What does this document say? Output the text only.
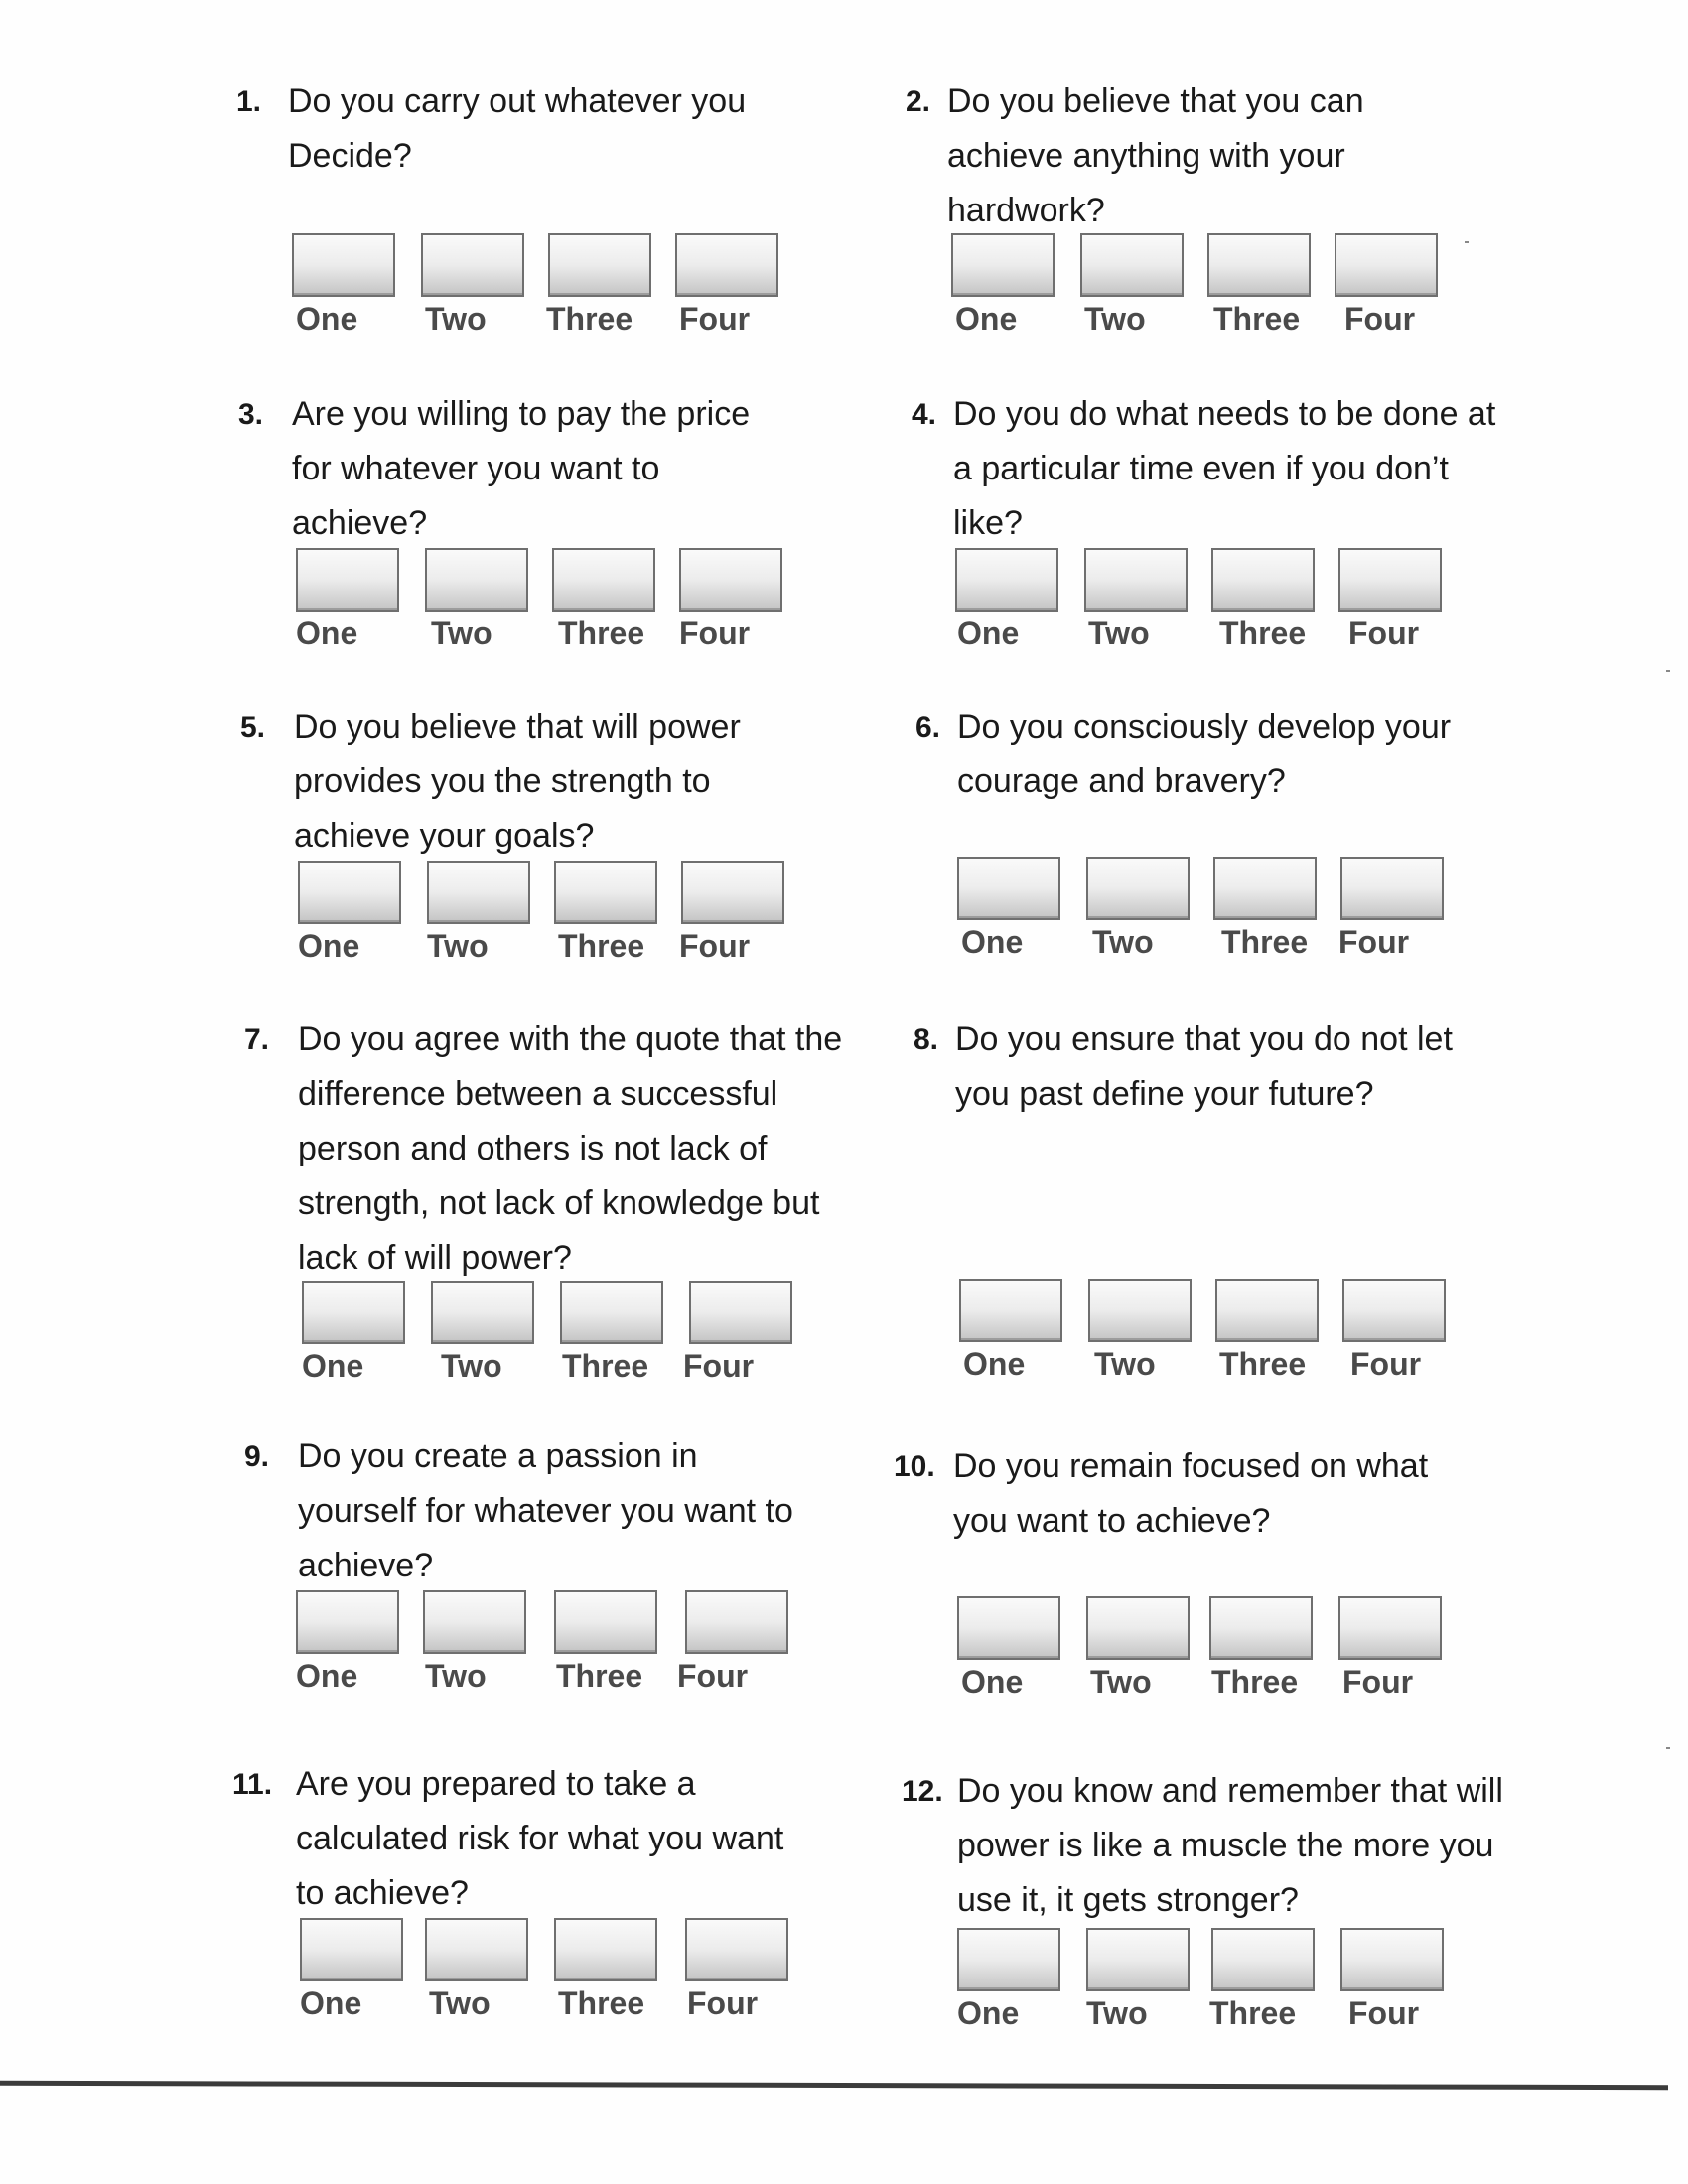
1. Do you carry out whatever you Decide?
One Two Three Four
2. Do you believe that you can achieve anything with your hardwork?
One Two Three Four
3. Are you willing to pay the price for whatever you want to achieve?
One Two Three Four
4. Do you do what needs to be done at a particular time even if you don’t like?
One Two Three Four
5. Do you believe that will power provides you the strength to achieve your goals?
One Two Three Four
6. Do you consciously develop your courage and bravery?
One Two Three Four
7. Do you agree with the quote that the difference between a successful person and others is not lack of strength, not lack of knowledge but lack of will power?
One Two Three Four
8. Do you ensure that you do not let you past define your future?
One Two Three Four
9. Do you create a passion in yourself for whatever you want to achieve?
One Two Three Four
10. Do you remain focused on what you want to achieve?
One Two Three Four
11. Are you prepared to take a calculated risk for what you want to achieve?
One Two Three Four
12. Do you know and remember that will power is like a muscle the more you use it, it gets stronger?
One Two Three Four
